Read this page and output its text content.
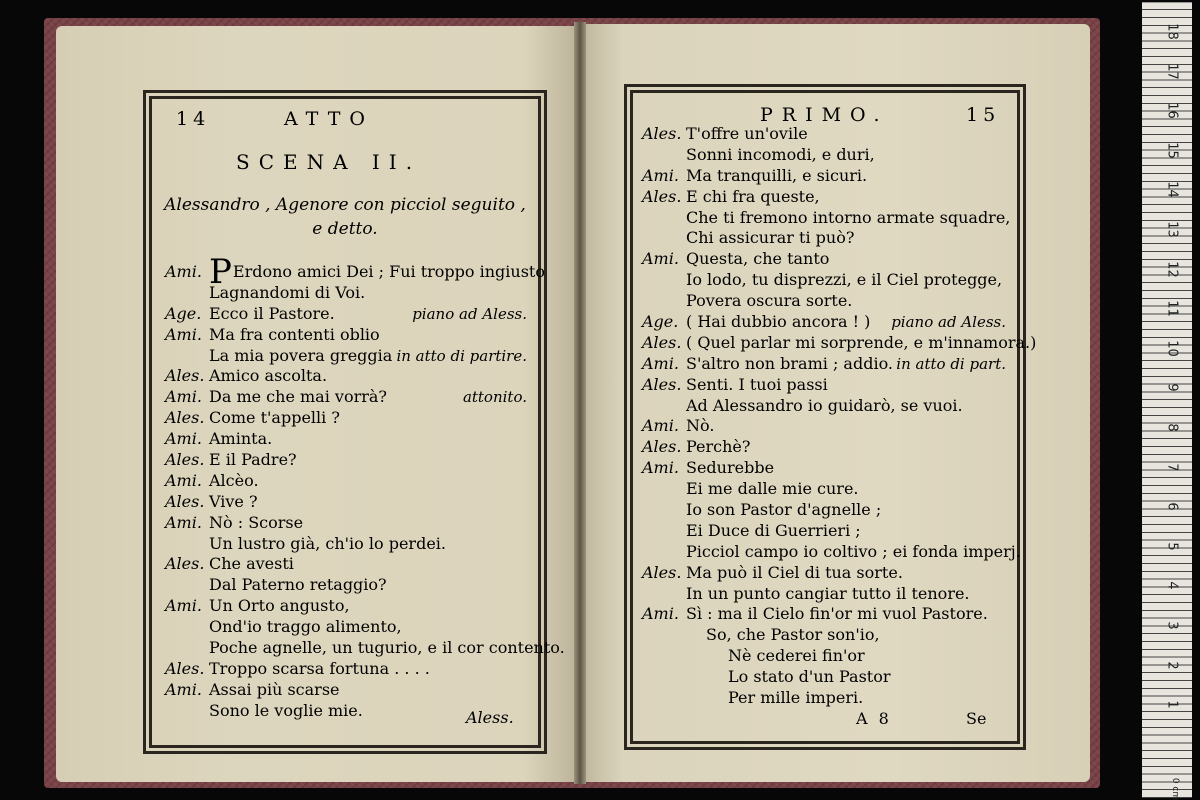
14	ATTO
SCENA II.
Alessandro , Agenore con picciol seguito ,
e detto.
Ami. PErdono amici Dei ; Fui troppo ingiusto
Lagnandomi di Voi.
Age. Ecco il Pastore.	piano ad Aless.
Ami. Ma fra contenti oblio
La mia povera greggia in atto di partire.
Ales. Amico ascolta.
Ami. Da me che mai vorrà?	attonito.
Ales. Come t'appelli ?
Ami. Aminta.
Ales. E il Padre?
Ami. Alcèo.
Ales. Vive ?
Ami. Nò : Scorse
Un lustro già, ch'io lo perdei.
Ales. Che avesti
Dal Paterno retaggio?
Ami. Un Orto angusto,
Ond'io traggo alimento,
Poche agnelle, un tugurio, e il cor contento.
Ales. Troppo scarsa fortuna . . . .
Ami. Assai più scarse
Sono le voglie mie.	Aless.
PRIMO.	15
Ales. T'offre un'ovile
Sonni incomodi, e duri,
Ami. Ma tranquilli, e sicuri.
Ales. E chi fra queste,
Che ti fremono intorno armate squadre,
Chi assicurar ti può?
Ami. Questa, che tanto
Io lodo, tu disprezzi, e il Ciel protegge,
Povera oscura sorte.
Age. ( Hai dubbio ancora ! ) piano ad Aless.
Ales. ( Quel parlar mi sorprende, e m'innamora.)
Ami. S'altro non brami ; addio. in atto di part.
Ales. Senti. I tuoi passi
Ad Alessandro io guidarò, se vuoi.
Ami. Nò.
Ales. Perchè?
Ami. Sedurebbe
Ei me dalle mie cure.
Io son Pastor d'agnelle ;
Ei Duce di Guerrieri ;
Picciol campo io coltivo ; ei fonda imperj.
Ales. Ma può il Ciel di tua sorte.
In un punto cangiar tutto il tenore.
Ami. Sì : ma il Cielo fin'or mi vuol Pastore.
So, che Pastor son'io,
Nè cederei fin'or
Lo stato d'un Pastor
Per mille imperi.
A 8	Se
0 cm
18
17
16
15
14
13
12
11
10
9
8
7
6
5
4
3
2
1
